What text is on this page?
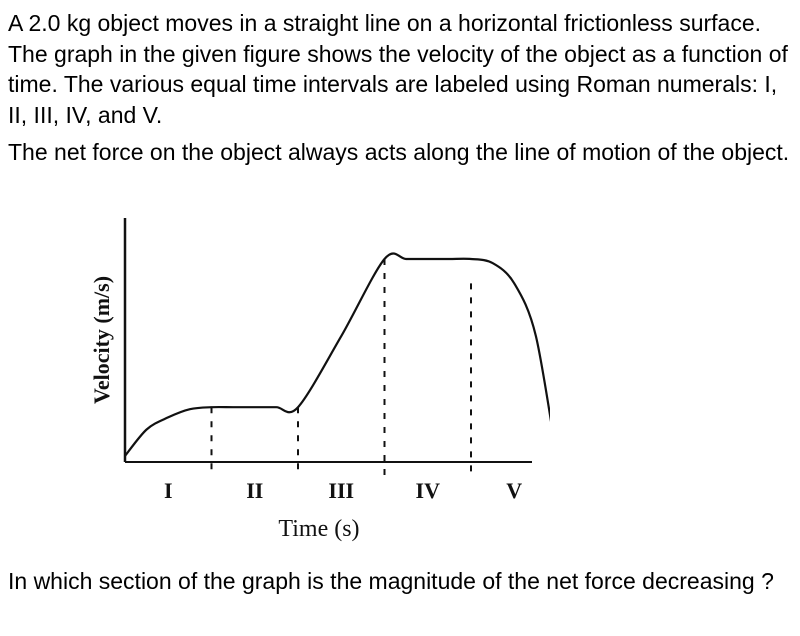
A 2.0 kg object moves in a straight line on a horizontal frictionless surface. The graph in the given figure shows the velocity of the object as a function of time. The various equal time intervals are labeled using Roman numerals: I, II, III, IV, and V.

The net force on the object always acts along the line of motion of the object.

I	II	III	IV	V
Time (s)
Velocity (m/s)

In which section of the graph is the magnitude of the net force decreasing ?
